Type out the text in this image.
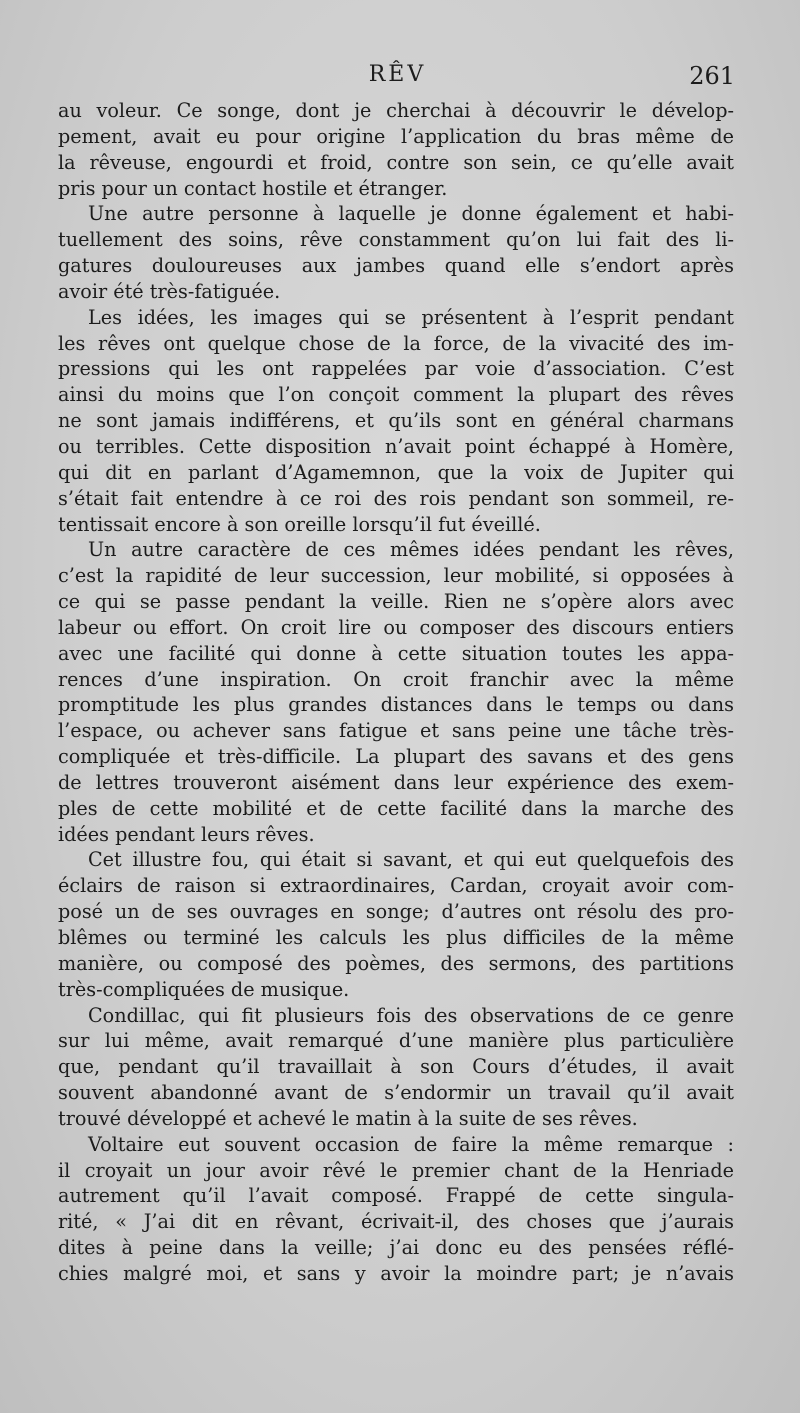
RÊV	261
au voleur. Ce songe, dont je cherchai à découvrir le dévelop-
pement, avait eu pour origine l’application du bras même de
la rêveuse, engourdi et froid, contre son sein, ce qu’elle avait
pris pour un contact hostile et étranger.
Une autre personne à laquelle je donne également et habi-
tuellement des soins, rêve constamment qu’on lui fait des li-
gatures douloureuses aux jambes quand elle s’endort après
avoir été très-fatiguée.
Les idées, les images qui se présentent à l’esprit pendant
les rêves ont quelque chose de la force, de la vivacité des im-
pressions qui les ont rappelées par voie d’association. C’est
ainsi du moins que l’on conçoit comment la plupart des rêves
ne sont jamais indifférens, et qu’ils sont en général charmans
ou terribles. Cette disposition n’avait point échappé à Homère,
qui dit en parlant d’Agamemnon, que la voix de Jupiter qui
s’était fait entendre à ce roi des rois pendant son sommeil, re-
tentissait encore à son oreille lorsqu’il fut éveillé.
Un autre caractère de ces mêmes idées pendant les rêves,
c’est la rapidité de leur succession, leur mobilité, si opposées à
ce qui se passe pendant la veille. Rien ne s’opère alors avec
labeur ou effort. On croit lire ou composer des discours entiers
avec une facilité qui donne à cette situation toutes les appa-
rences d’une inspiration. On croit franchir avec la même
promptitude les plus grandes distances dans le temps ou dans
l’espace, ou achever sans fatigue et sans peine une tâche très-
compliquée et très-difficile. La plupart des savans et des gens
de lettres trouveront aisément dans leur expérience des exem-
ples de cette mobilité et de cette facilité dans la marche des
idées pendant leurs rêves.
Cet illustre fou, qui était si savant, et qui eut quelquefois des
éclairs de raison si extraordinaires, Cardan, croyait avoir com-
posé un de ses ouvrages en songe; d’autres ont résolu des pro-
blêmes ou terminé les calculs les plus difficiles de la même
manière, ou composé des poèmes, des sermons, des partitions
très-compliquées de musique.
Condillac, qui fit plusieurs fois des observations de ce genre
sur lui même, avait remarqué d’une manière plus particulière
que, pendant qu’il travaillait à son Cours d’études, il avait
souvent abandonné avant de s’endormir un travail qu’il avait
trouvé développé et achevé le matin à la suite de ses rêves.
Voltaire eut souvent occasion de faire la même remarque :
il croyait un jour avoir rêvé le premier chant de la Henriade
autrement qu’il l’avait composé. Frappé de cette singula-
rité, « J’ai dit en rêvant, écrivait-il, des choses que j’aurais
dites à peine dans la veille; j’ai donc eu des pensées réflé-
chies malgré moi, et sans y avoir la moindre part; je n’avais
